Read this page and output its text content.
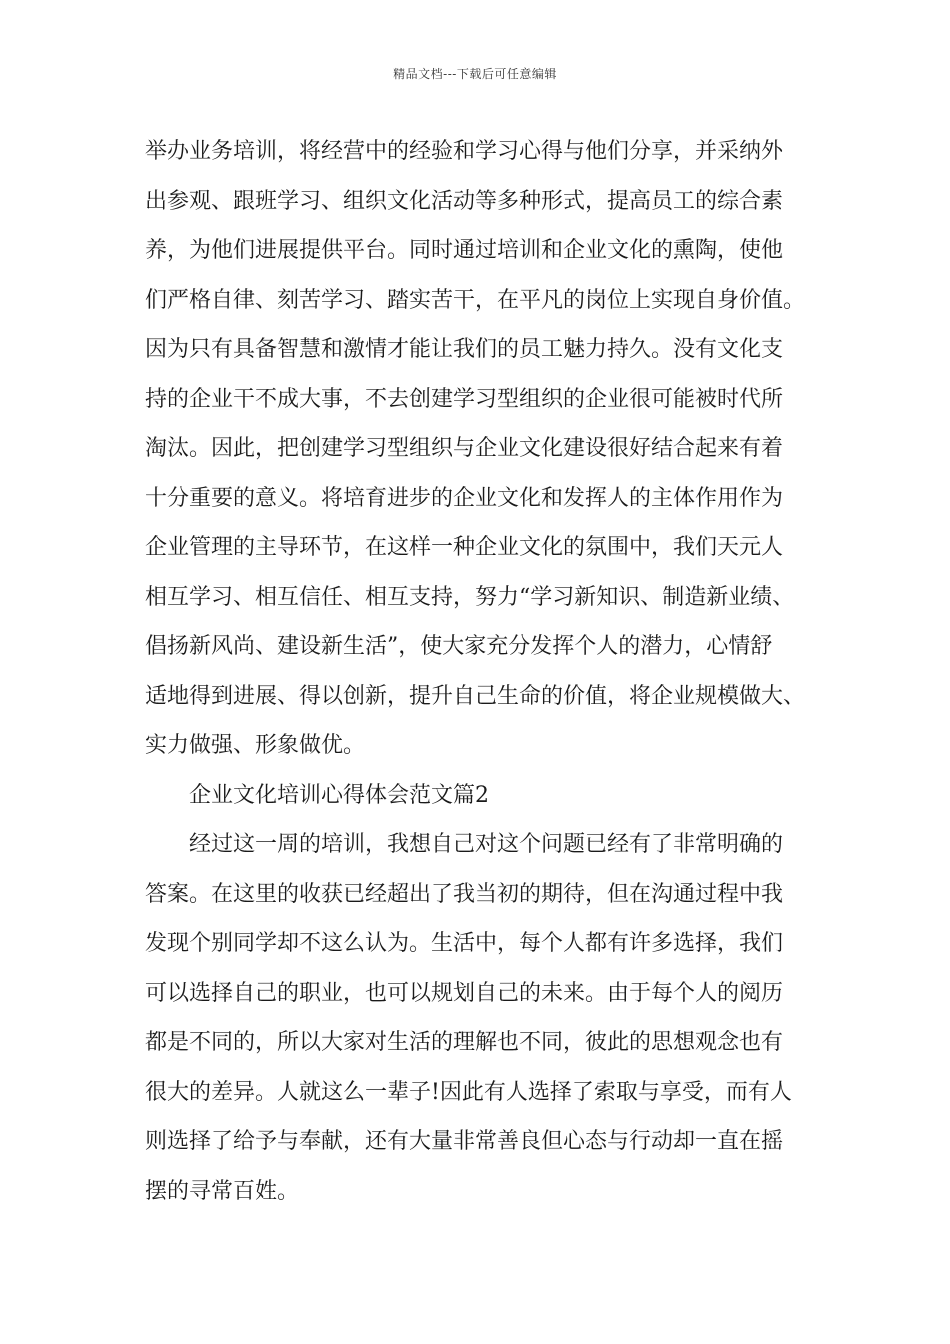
精品文档---下载后可任意编辑
举办业务培训，将经营中的经验和学习心得与他们分享，并采纳外
出参观、跟班学习、组织文化活动等多种形式，提高员工的综合素
养，为他们进展提供平台。同时通过培训和企业文化的熏陶，使他
们严格自律、刻苦学习、踏实苦干，在平凡的岗位上实现自身价值。
因为只有具备智慧和激情才能让我们的员工魅力持久。没有文化支
持的企业干不成大事，不去创建学习型组织的企业很可能被时代所
淘汰。因此，把创建学习型组织与企业文化建设很好结合起来有着
十分重要的意义。将培育进步的企业文化和发挥人的主体作用作为
企业管理的主导环节，在这样一种企业文化的氛围中，我们天元人
相互学习、相互信任、相互支持，努力“学习新知识、制造新业绩、
倡扬新风尚、建设新生活”，使大家充分发挥个人的潜力，心情舒
适地得到进展、得以创新，提升自己生命的价值，将企业规模做大、
实力做强、形象做优。
企业文化培训心得体会范文篇2
经过这一周的培训，我想自己对这个问题已经有了非常明确的
答案。在这里的收获已经超出了我当初的期待，但在沟通过程中我
发现个别同学却不这么认为。生活中，每个人都有许多选择，我们
可以选择自己的职业，也可以规划自己的未来。由于每个人的阅历
都是不同的，所以大家对生活的理解也不同，彼此的思想观念也有
很大的差异。人就这么一辈子!因此有人选择了索取与享受，而有人
则选择了给予与奉献，还有大量非常善良但心态与行动却一直在摇
摆的寻常百姓。
